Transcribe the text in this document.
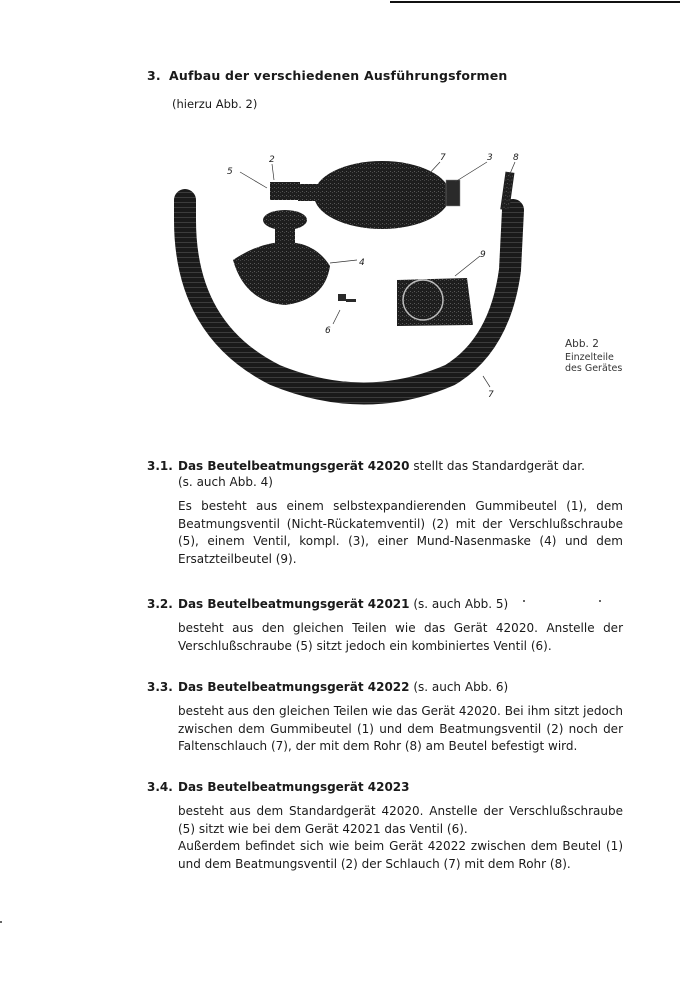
3. Aufbau der verschiedenen Ausführungsformen
(hierzu Abb. 2)
5
2	7	3 8
4
9
6
7
Abb. 2
Einzelteile
des Gerätes
3.1. Das Beutelbeatmungsgerät 42020 stellt das Standardgerät dar.
(s. auch Abb. 4)

Es besteht aus einem selbstexpandierenden Gummibeutel (1), dem Beatmungsventil (Nicht-Rückatemventil) (2) mit der Verschlußschraube (5), einem Ventil, kompl. (3), einer Mund-Nasenmaske (4) und dem Ersatzteilbeutel (9).

3.2. Das Beutelbeatmungsgerät 42021 (s. auch Abb. 5)

besteht aus den gleichen Teilen wie das Gerät 42020. Anstelle der Verschlußschraube (5) sitzt jedoch ein kombiniertes Ventil (6).

3.3. Das Beutelbeatmungsgerät 42022 (s. auch Abb. 6)

besteht aus den gleichen Teilen wie das Gerät 42020. Bei ihm sitzt jedoch zwischen dem Gummibeutel (1) und dem Beatmungsventil (2) noch der Faltenschlauch (7), der mit dem Rohr (8) am Beutel befestigt wird.

3.4. Das Beutelbeatmungsgerät 42023

besteht aus dem Standardgerät 42020. Anstelle der Verschlußschraube (5) sitzt wie bei dem Gerät 42021 das Ventil (6).

Außerdem befindet sich wie beim Gerät 42022 zwischen dem Beutel (1) und dem Beatmungsventil (2) der Schlauch (7) mit dem Rohr (8).
